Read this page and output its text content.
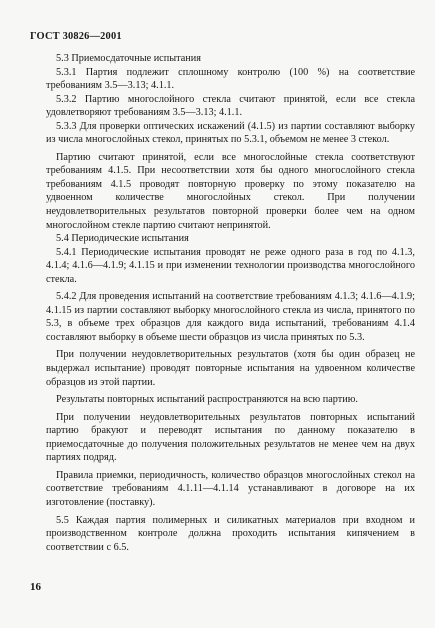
ГОСТ 30826—2001

5.3 Приемосдаточные испытания

5.3.1 Партия подлежит сплошному контролю (100 %) на соответствие требованиям 3.5—3.13; 4.1.1.

5.3.2 Партию многослойного стекла считают принятой, если все стекла удовлетворяют требованиям 3.5—3.13; 4.1.1.

5.3.3 Для проверки оптических искажений (4.1.5) из партии составляют выборку из числа многослойных стекол, принятых по 5.3.1, объемом не менее 3 стекол.

Партию считают принятой, если все многослойные стекла соответствуют требованиям 4.1.5. При несоответствии хотя бы одного многослойного стекла требованиям 4.1.5 проводят повторную проверку по этому показателю на удвоенном количестве многослойных стекол. При получении неудовлетворительных результатов повторной проверки более чем на одном многослойном стекле партию считают непринятой.

5.4 Периодические испытания

5.4.1 Периодические испытания проводят не реже одного раза в год по 4.1.3, 4.1.4; 4.1.6—4.1.9; 4.1.15 и при изменении технологии производства многослойного стекла.

5.4.2 Для проведения испытаний на соответствие требованиям 4.1.3; 4.1.6—4.1.9; 4.1.15 из партии составляют выборку многослойного стекла из числа, принятого по 5.3, в объеме трех образцов для каждого вида испытаний, требованиям 4.1.4 составляют выборку в объеме шести образцов из числа принятых по 5.3.

При получении неудовлетворительных результатов (хотя бы один образец не выдержал испытание) проводят повторные испытания на удвоенном количестве образцов из этой партии.

Результаты повторных испытаний распространяются на всю партию.

При получении неудовлетворительных результатов повторных испытаний партию бракуют и переводят испытания по данному показателю в приемосдаточные до получения положительных результатов не менее чем на двух партиях подряд.

Правила приемки, периодичность, количество образцов многослойных стекол на соответствие требованиям 4.1.11—4.1.14 устанавливают в договоре на их изготовление (поставку).

5.5 Каждая партия полимерных и силикатных материалов при входном и производственном контроле должна проходить испытания кипячением в соответствии с 6.5.

16
